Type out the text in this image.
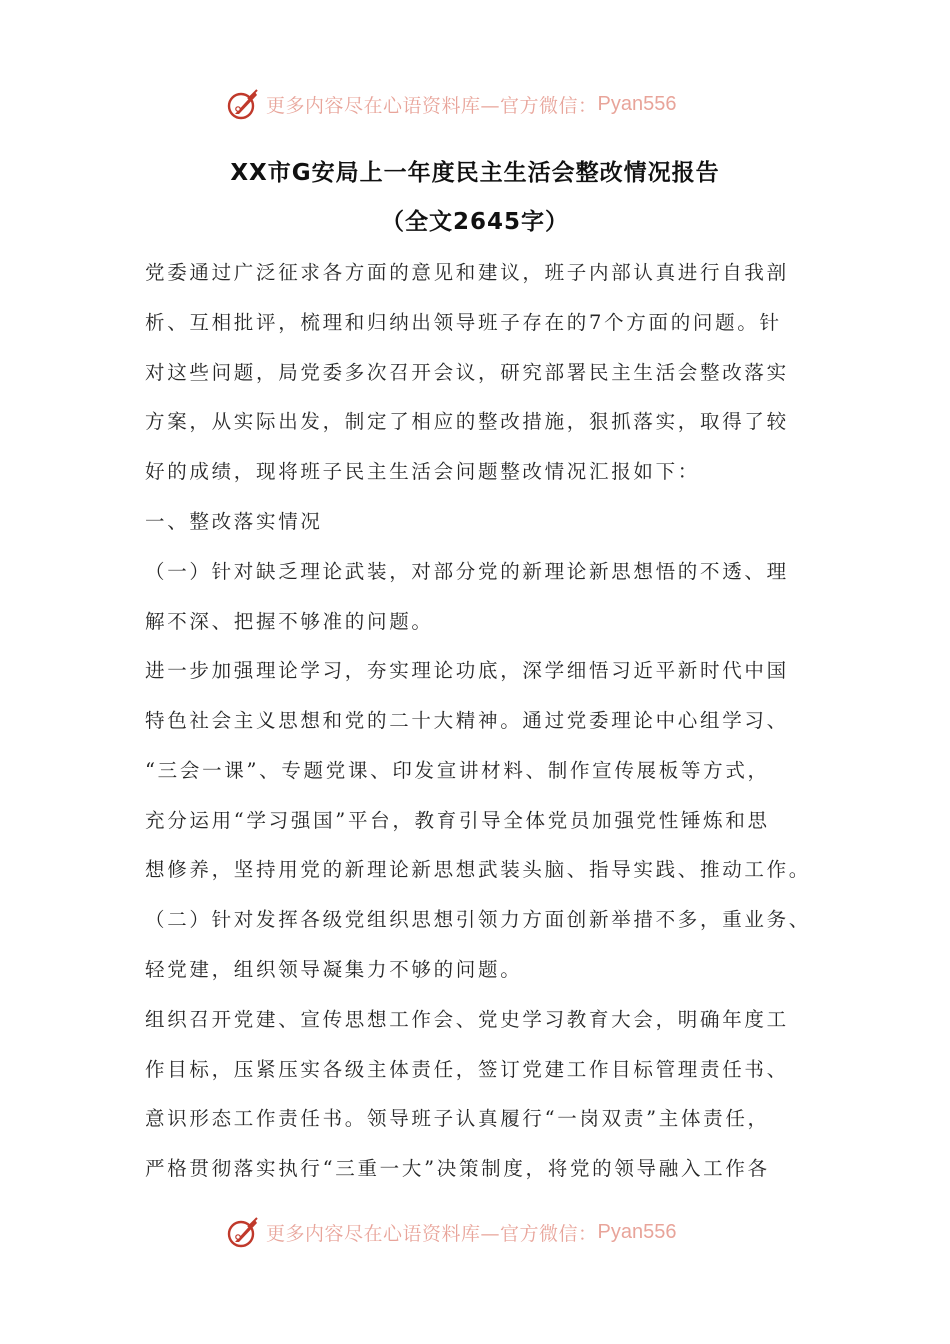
更多内容尽在心语资料库—官方微信： Pyan556
XX市G安局上一年度民主生活会整改情况报告
（全文2645字）
党委通过广泛征求各方面的意见和建议，班子内部认真进行自我剖
析、互相批评，梳理和归纳出领导班子存在的7个方面的问题。针
对这些问题，局党委多次召开会议，研究部署民主生活会整改落实
方案，从实际出发，制定了相应的整改措施，狠抓落实，取得了较
好的成绩，现将班子民主生活会问题整改情况汇报如下：
一、整改落实情况
（一）针对缺乏理论武装，对部分党的新理论新思想悟的不透、理
解不深、把握不够准的问题。
进一步加强理论学习，夯实理论功底，深学细悟习近平新时代中国
特色社会主义思想和党的二十大精神。通过党委理论中心组学习、
“三会一课”、专题党课、印发宣讲材料、制作宣传展板等方式，
充分运用“学习强国”平台，教育引导全体党员加强党性锤炼和思
想修养，坚持用党的新理论新思想武装头脑、指导实践、推动工作。
（二）针对发挥各级党组织思想引领力方面创新举措不多，重业务、
轻党建，组织领导凝集力不够的问题。
组织召开党建、宣传思想工作会、党史学习教育大会，明确年度工
作目标，压紧压实各级主体责任，签订党建工作目标管理责任书、
意识形态工作责任书。领导班子认真履行“一岗双责”主体责任，
严格贯彻落实执行“三重一大”决策制度，将党的领导融入工作各
更多内容尽在心语资料库—官方微信： Pyan556
